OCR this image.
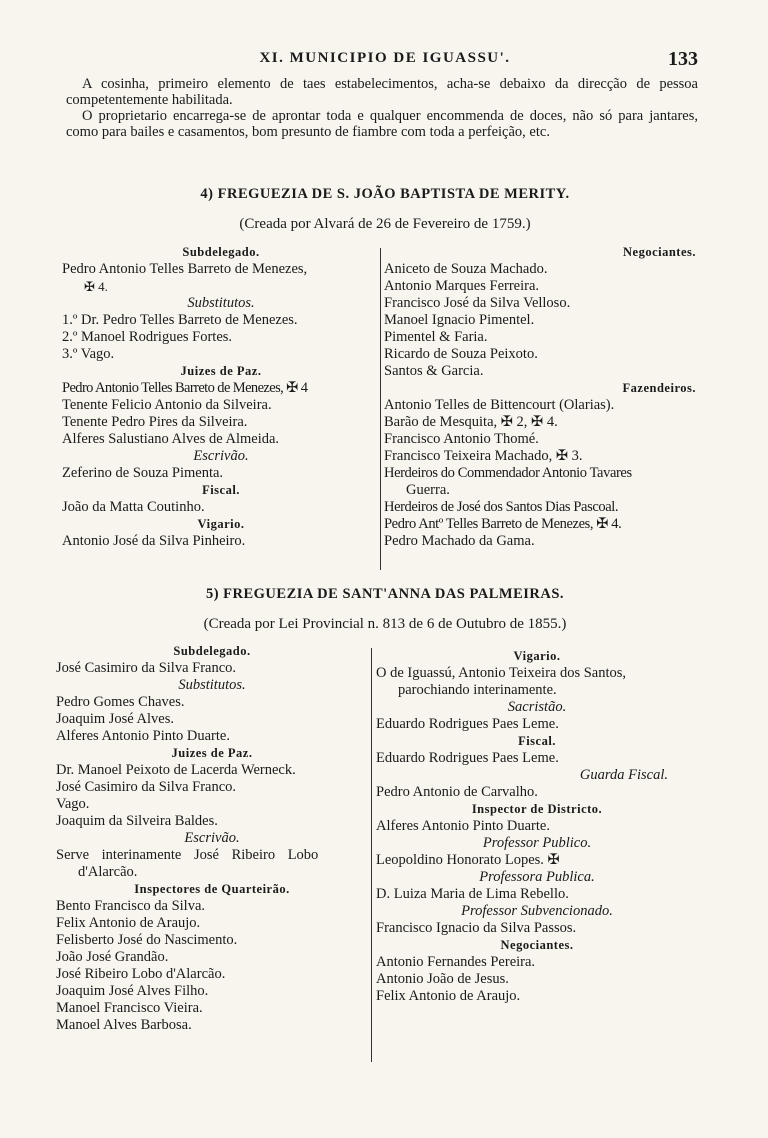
XI. MUNICIPIO DE IGUASSU'.	133

A cosinha, primeiro elemento de taes estabelecimentos, acha-se debaixo da direcção de pessoa competentemente habilitada.

O proprietario encarrega-se de aprontar toda e qualquer encommenda de doces, não só para jantares, como para bailes e casamentos, bom presunto de fiambre com toda a perfeição, etc.

4) FREGUEZIA DE S. JOÃO BAPTISTA DE MERITY.
(Creada por Alvará de 26 de Fevereiro de 1759.)
Subdelegado.
Pedro Antonio Telles Barreto de Menezes,
✠ 4.
Substitutos.
1.º Dr. Pedro Telles Barreto de Menezes.
2.º Manoel Rodrigues Fortes.
3.º Vago.
Juizes de Paz.
Pedro Antonio Telles Barreto de Menezes, ✠ 4
Tenente Felicio Antonio da Silveira.
Tenente Pedro Pires da Silveira.
Alferes Salustiano Alves de Almeida.
Escrivão.
Zeferino de Souza Pimenta.
Fiscal.
João da Matta Coutinho.
Vigario.
Antonio José da Silva Pinheiro.
Negociantes.
Aniceto de Souza Machado.
Antonio Marques Ferreira.
Francisco José da Silva Velloso.
Manoel Ignacio Pimentel.
Pimentel & Faria.
Ricardo de Souza Peixoto.
Santos & Garcia.
Fazendeiros.
Antonio Telles de Bittencourt (Olarias).
Barão de Mesquita, ✠ 2, ✠ 4.
Francisco Antonio Thomé.
Francisco Teixeira Machado, ✠ 3.
Herdeiros do Commendador Antonio Tavares
Guerra.
Herdeiros de José dos Santos Dias Pascoal.
Pedro Antº Telles Barreto de Menezes, ✠ 4.
Pedro Machado da Gama.
5) FREGUEZIA DE SANT'ANNA DAS PALMEIRAS.
(Creada por Lei Provincial n. 813 de 6 de Outubro de 1855.)
Subdelegado.
José Casimiro da Silva Franco.
Substitutos.
Pedro Gomes Chaves.
Joaquim José Alves.
Alferes Antonio Pinto Duarte.
Juizes de Paz.
Dr. Manoel Peixoto de Lacerda Werneck.
José Casimiro da Silva Franco.
Vago.
Joaquim da Silveira Baldes.
Escrivão.
Serve interinamente José Ribeiro Lobo
d'Alarcão.
Inspectores de Quarteirão.
Bento Francisco da Silva.
Felix Antonio de Araujo.
Felisberto José do Nascimento.
João José Grandão.
José Ribeiro Lobo d'Alarcão.
Joaquim José Alves Filho.
Manoel Francisco Vieira.
Manoel Alves Barbosa.
Vigario.
O de Iguassú, Antonio Teixeira dos Santos,
parochiando interinamente.
Sacristão.
Eduardo Rodrigues Paes Leme.
Fiscal.
Eduardo Rodrigues Paes Leme.
Guarda Fiscal.
Pedro Antonio de Carvalho.
Inspector de Districto.
Alferes Antonio Pinto Duarte.
Professor Publico.
Leopoldino Honorato Lopes. ✠
Professora Publica.
D. Luiza Maria de Lima Rebello.
Professor Subvencionado.
Francisco Ignacio da Silva Passos.
Negociantes.
Antonio Fernandes Pereira.
Antonio João de Jesus.
Felix Antonio de Araujo.
